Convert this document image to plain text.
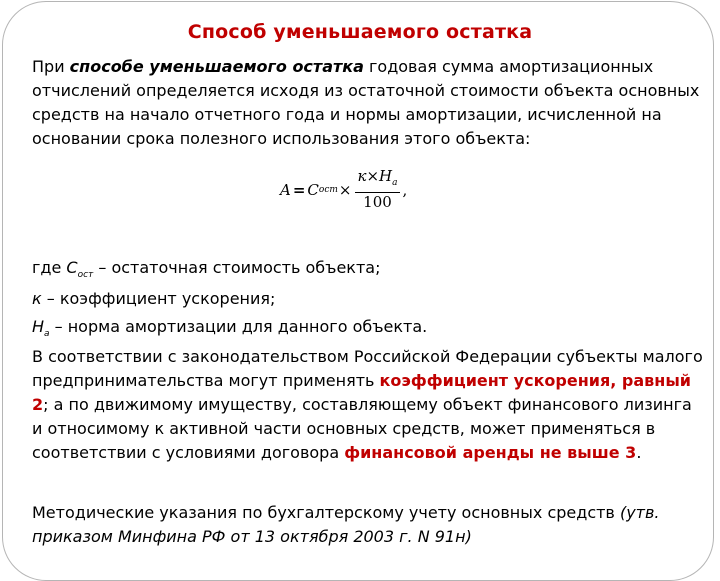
Способ уменьшаемого остатка
При способе уменьшаемого остатка годовая сумма амортизационных отчислений определяется исходя из остаточной стоимости объекта основных средств на начало отчетного года и нормы амортизации, исчисленной на основании срока полезного использования этого объекта:
A = C ост × $\frac{к\times H_а}{100}$ ,
где $C_{ост}$ – остаточная стоимость объекта;
к – коэффициент ускорения;
$H_а$ – норма амортизации для данного объекта.
В соответствии с законодательством Российской Федерации субъекты малого предпринимательства могут применять коэффициент ускорения, равный 2; а по движимому имуществу, составляющему объект финансового лизинга и относимому к активной части основных средств, может применяться в соответствии с условиями договора финансовой аренды не выше 3.
Методические указания по бухгалтерскому учету основных средств (утв. приказом Минфина РФ от 13 октября 2003 г. N 91н)
